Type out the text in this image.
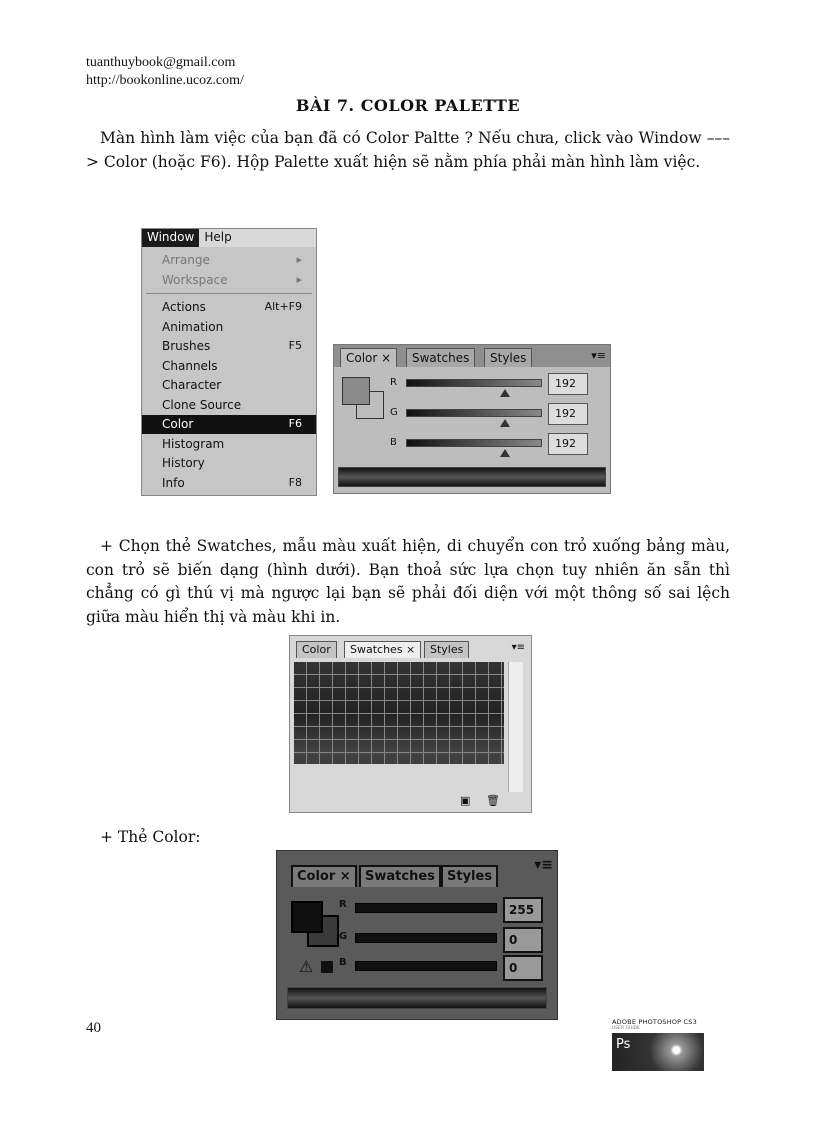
tuanthuybook@gmail.com
http://bookonline.ucoz.com/
BÀI 7. COLOR PALETTE
Màn hình làm việc của bạn đã có Color Paltte ? Nếu chưa, click vào Window –––> Color (hoặc F6). Hộp Palette xuất hiện sẽ nằm phía phải màn hình làm việc.
Window Help
Arrange	▸
Workspace	▸
Actions	Alt+F9
Animation
Brushes	F5
Channels
Character
Clone Source
Color	F6
Histogram
History
Info	F8
Color ×	Swatches	Styles	▾≡
R	192
G	192
B	192
+ Chọn thẻ Swatches, mẫu màu xuất hiện, di chuyển con trỏ xuống bảng màu, con trỏ sẽ biến dạng (hình dưới). Bạn thoả sức lựa chọn tuy nhiên ăn sẵn thì chẳng có gì thú vị mà ngược lại bạn sẽ phải đối diện với một thông số sai lệch giữa màu hiển thị và màu khi in.
Color	Swatches ×	Styles	▾≡
▣ 🗑
+ Thẻ Color:
Color ×	Swatches Styles
▾≡
R	255
G	0
⚠	B	0
40	ADOBE PHOTOSHOP CS3
USER GUIDE
Ps
